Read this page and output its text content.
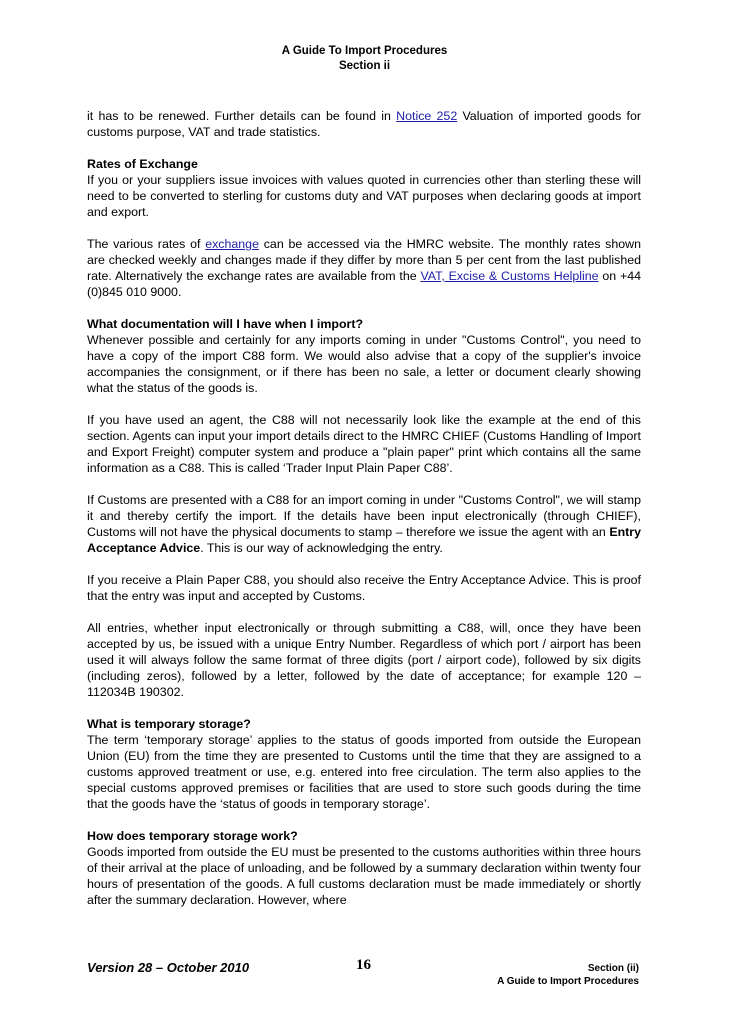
A Guide To Import Procedures
Section ii

it has to be renewed. Further details can be found in Notice 252 Valuation of imported goods for customs purpose, VAT and trade statistics.

Rates of Exchange
If you or your suppliers issue invoices with values quoted in currencies other than sterling these will need to be converted to sterling for customs duty and VAT purposes when declaring goods at import and export.

The various rates of exchange can be accessed via the HMRC website. The monthly rates shown are checked weekly and changes made if they differ by more than 5 per cent from the last published rate. Alternatively the exchange rates are available from the VAT, Excise & Customs Helpline on +44 (0)845 010 9000.

What documentation will I have when I import?
Whenever possible and certainly for any imports coming in under "Customs Control", you need to have a copy of the import C88 form. We would also advise that a copy of the supplier's invoice accompanies the consignment, or if there has been no sale, a letter or document clearly showing what the status of the goods is.

If you have used an agent, the C88 will not necessarily look like the example at the end of this section. Agents can input your import details direct to the HMRC CHIEF (Customs Handling of Import and Export Freight) computer system and produce a "plain paper" print which contains all the same information as a C88. This is called ‘Trader Input Plain Paper C88’.

If Customs are presented with a C88 for an import coming in under "Customs Control", we will stamp it and thereby certify the import. If the details have been input electronically (through CHIEF), Customs will not have the physical documents to stamp – therefore we issue the agent with an Entry Acceptance Advice. This is our way of acknowledging the entry.

If you receive a Plain Paper C88, you should also receive the Entry Acceptance Advice. This is proof that the entry was input and accepted by Customs.

All entries, whether input electronically or through submitting a C88, will, once they have been accepted by us, be issued with a unique Entry Number. Regardless of which port / airport has been used it will always follow the same format of three digits (port / airport code), followed by six digits (including zeros), followed by a letter, followed by the date of acceptance; for example 120 – 112034B 190302.

What is temporary storage?
The term ‘temporary storage’ applies to the status of goods imported from outside the European Union (EU) from the time they are presented to Customs until the time that they are assigned to a customs approved treatment or use, e.g. entered into free circulation. The term also applies to the special customs approved premises or facilities that are used to store such goods during the time that the goods have the ‘status of goods in temporary storage’.

How does temporary storage work?
Goods imported from outside the EU must be presented to the customs authorities within three hours of their arrival at the place of unloading, and be followed by a summary declaration within twenty four hours of presentation of the goods. A full customs declaration must be made immediately or shortly after the summary declaration. However, where

Version 28 – October 2010	16	Section (ii)
A Guide to Import Procedures
